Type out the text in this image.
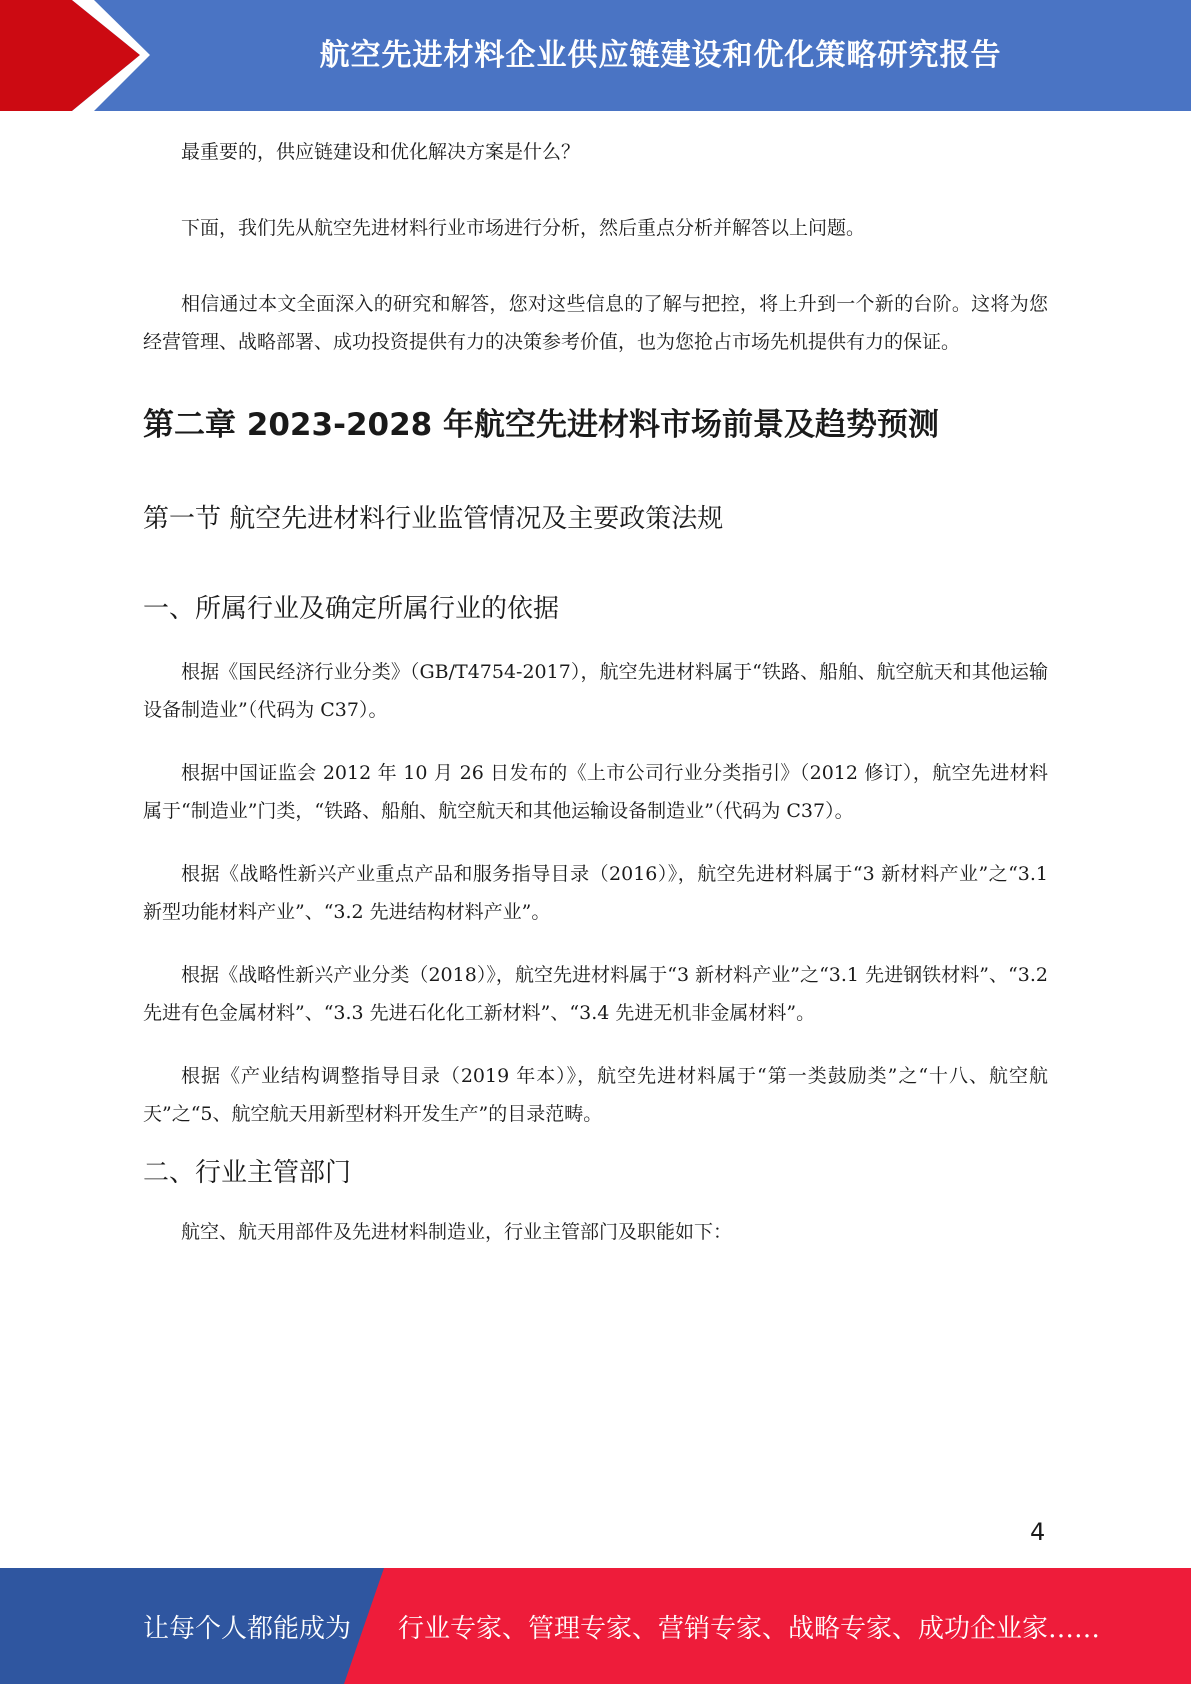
航空先进材料企业供应链建设和优化策略研究报告

最重要的，供应链建设和优化解决方案是什么？

下面，我们先从航空先进材料行业市场进行分析，然后重点分析并解答以上问题。

相信通过本文全面深入的研究和解答，您对这些信息的了解与把控，将上升到一个新的台阶。这将为您经营管理、战略部署、成功投资提供有力的决策参考价值，也为您抢占市场先机提供有力的保证。

第二章 2023-2028 年航空先进材料市场前景及趋势预测
第一节 航空先进材料行业监管情况及主要政策法规
一、所属行业及确定所属行业的依据

根据《国民经济行业分类》（GB/T4754-2017），航空先进材料属于“铁路、船舶、航空航天和其他运输设备制造业”（代码为 C37）。

根据中国证监会 2012 年 10 月 26 日发布的《上市公司行业分类指引》（2012 修订），航空先进材料属于“制造业”门类，“铁路、船舶、航空航天和其他运输设备制造业”（代码为 C37）。

根据《战略性新兴产业重点产品和服务指导目录（2016）》，航空先进材料属于“3 新材料产业”之“3.1 新型功能材料产业”、“3.2 先进结构材料产业”。

根据《战略性新兴产业分类（2018）》，航空先进材料属于“3 新材料产业”之“3.1 先进钢铁材料”、“3.2 先进有色金属材料”、“3.3 先进石化化工新材料”、“3.4 先进无机非金属材料”。

根据《产业结构调整指导目录（2019 年本）》，航空先进材料属于“第一类鼓励类”之“十八、航空航天”之“5、航空航天用新型材料开发生产”的目录范畴。

二、行业主管部门

航空、航天用部件及先进材料制造业，行业主管部门及职能如下：

4
让每个人都能成为 行业专家、管理专家、营销专家、战略专家、成功企业家……
